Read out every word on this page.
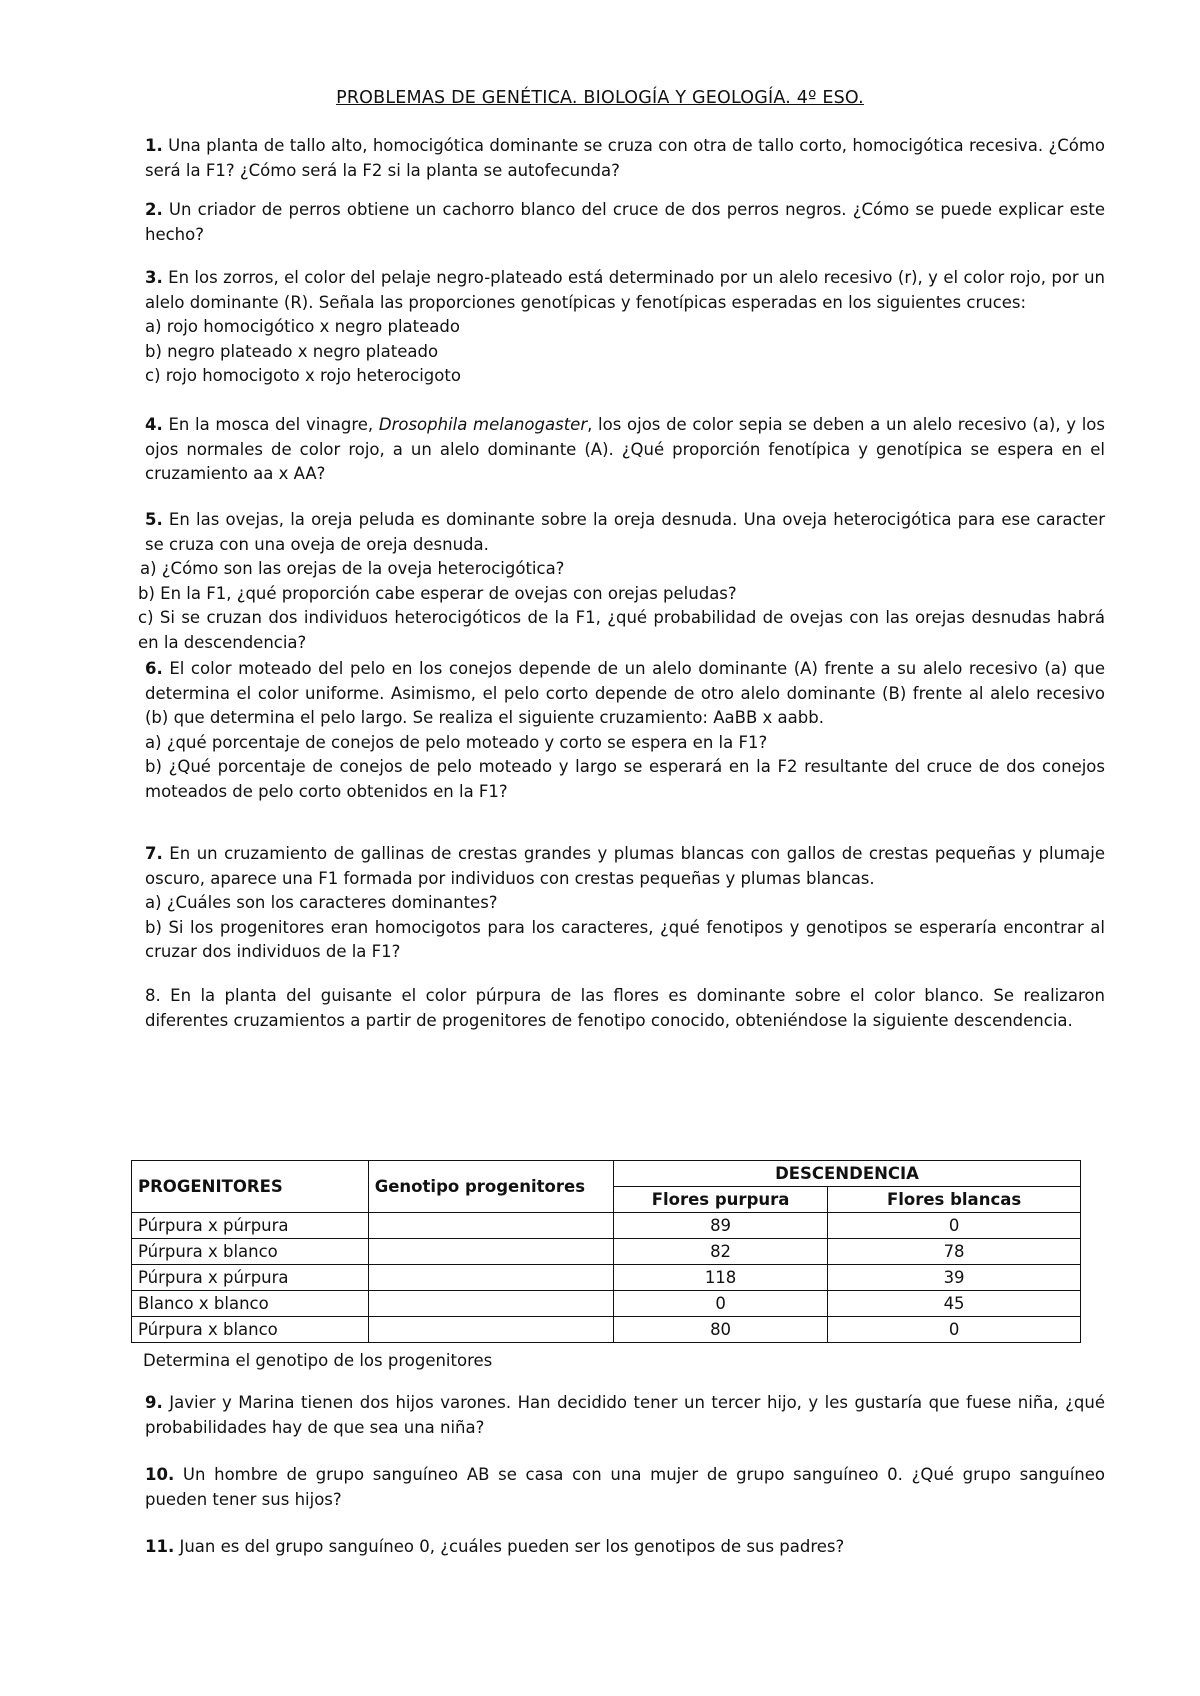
PROBLEMAS DE GENÉTICA. BIOLOGÍA Y GEOLOGÍA. 4º ESO.

1. Una planta de tallo alto, homocigótica dominante se cruza con otra de tallo corto, homocigótica recesiva. ¿Cómo será la F1? ¿Cómo será la F2 si la planta se autofecunda?

2. Un criador de perros obtiene un cachorro blanco del cruce de dos perros negros. ¿Cómo se puede explicar este hecho?

3. En los zorros, el color del pelaje negro-plateado está determinado por un alelo recesivo (r), y el color rojo, por un alelo dominante (R). Señala las proporciones genotípicas y fenotípicas esperadas en los siguientes cruces:

a) rojo homocigótico x negro plateado

b) negro plateado x negro plateado

c) rojo homocigoto x rojo heterocigoto

4. En la mosca del vinagre, Drosophila melanogaster, los ojos de color sepia se deben a un alelo recesivo (a), y los ojos normales de color rojo, a un alelo dominante (A). ¿Qué proporción fenotípica y genotípica se espera en el cruzamiento aa x AA?

5. En las ovejas, la oreja peluda es dominante sobre la oreja desnuda. Una oveja heterocigótica para ese caracter se cruza con una oveja de oreja desnuda.

a) ¿Cómo son las orejas de la oveja heterocigótica?

b) En la F1, ¿qué proporción cabe esperar de ovejas con orejas peludas?

c) Si se cruzan dos individuos heterocigóticos de la F1, ¿qué probabilidad de ovejas con las orejas desnudas habrá en la descendencia?

6. El color moteado del pelo en los conejos depende de un alelo dominante (A) frente a su alelo recesivo (a) que determina el color uniforme. Asimismo, el pelo corto depende de otro alelo dominante (B) frente al alelo recesivo (b) que determina el pelo largo. Se realiza el siguiente cruzamiento: AaBB x aabb.

a) ¿qué porcentaje de conejos de pelo moteado y corto se espera en la F1?

b) ¿Qué porcentaje de conejos de pelo moteado y largo se esperará en la F2 resultante del cruce de dos conejos moteados de pelo corto obtenidos en la F1?

7. En un cruzamiento de gallinas de crestas grandes y plumas blancas con gallos de crestas pequeñas y plumaje oscuro, aparece una F1 formada por individuos con crestas pequeñas y plumas blancas.

a) ¿Cuáles son los caracteres dominantes?

b) Si los progenitores eran homocigotos para los caracteres, ¿qué fenotipos y genotipos se esperaría encontrar al cruzar dos individuos de la F1?

8. En la planta del guisante el color púrpura de las flores es dominante sobre el color blanco. Se realizaron diferentes cruzamientos a partir de progenitores de fenotipo conocido, obteniéndose la siguiente descendencia.

PROGENITORES	Genotipo progenitores	DESCENDENCIA	
		Flores purpura	Flores blancas
Púrpura x púrpura		89	0
Púrpura x blanco		82	78
Púrpura x púrpura		118	39
Blanco x blanco		0	45
Púrpura x blanco		80	0
Determina el genotipo de los progenitores

9. Javier y Marina tienen dos hijos varones. Han decidido tener un tercer hijo, y les gustaría que fuese niña, ¿qué probabilidades hay de que sea una niña?

10. Un hombre de grupo sanguíneo AB se casa con una mujer de grupo sanguíneo 0. ¿Qué grupo sanguíneo pueden tener sus hijos?

11. Juan es del grupo sanguíneo 0, ¿cuáles pueden ser los genotipos de sus padres?
